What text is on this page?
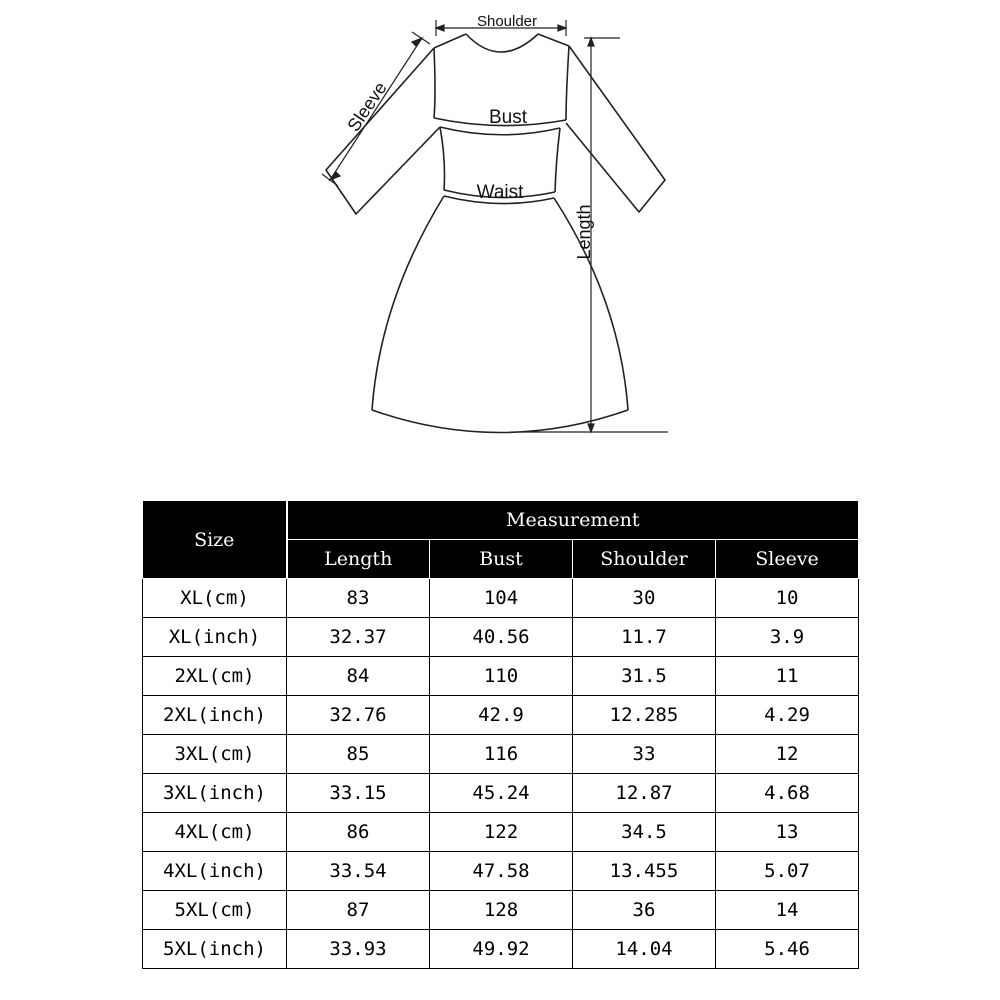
Shoulder
Bust
Waist
Sleeve
Length
Size	Measurement			
	Length	Bust	Shoulder	Sleeve
XL(cm)	83	104	30	10
XL(inch)	32.37	40.56	11.7	3.9
2XL(cm)	84	110	31.5	11
2XL(inch)	32.76	42.9	12.285	4.29
3XL(cm)	85	116	33	12
3XL(inch)	33.15	45.24	12.87	4.68
4XL(cm)	86	122	34.5	13
4XL(inch)	33.54	47.58	13.455	5.07
5XL(cm)	87	128	36	14
5XL(inch)	33.93	49.92	14.04	5.46
